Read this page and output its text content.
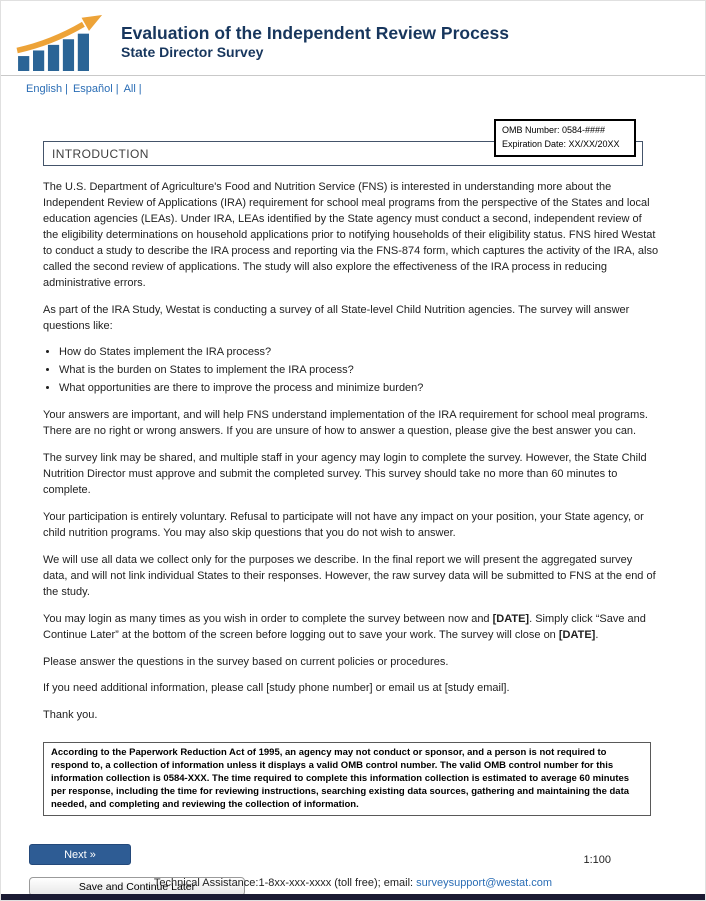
Evaluation of the Independent Review Process
State Director Survey
English | Español | All |
OMB Number: 0584-####
Expiration Date: XX/XX/20XX
INTRODUCTION

The U.S. Department of Agriculture's Food and Nutrition Service (FNS) is interested in understanding more about the Independent Review of Applications (IRA) requirement for school meal programs from the perspective of the States and local education agencies (LEAs). Under IRA, LEAs identified by the State agency must conduct a second, independent review of the eligibility determinations on household applications prior to notifying households of their eligibility status. FNS hired Westat to conduct a study to describe the IRA process and reporting via the FNS-874 form, which captures the activity of the IRA, also called the second review of applications. The study will also explore the effectiveness of the IRA process in reducing administrative errors.

As part of the IRA Study, Westat is conducting a survey of all State-level Child Nutrition agencies. The survey will answer questions like:

• How do States implement the IRA process?
• What is the burden on States to implement the IRA process?
• What opportunities are there to improve the process and minimize burden?

Your answers are important, and will help FNS understand implementation of the IRA requirement for school meal programs. There are no right or wrong answers. If you are unsure of how to answer a question, please give the best answer you can.

The survey link may be shared, and multiple staff in your agency may login to complete the survey. However, the State Child Nutrition Director must approve and submit the completed survey. This survey should take no more than 60 minutes to complete.

Your participation is entirely voluntary. Refusal to participate will not have any impact on your position, your State agency, or child nutrition programs. You may also skip questions that you do not wish to answer.

We will use all data we collect only for the purposes we describe. In the final report we will present the aggregated survey data, and will not link individual States to their responses. However, the raw survey data will be submitted to FNS at the end of the study.

You may login as many times as you wish in order to complete the survey between now and [DATE]. Simply click “Save and Continue Later” at the bottom of the screen before logging out to save your work. The survey will close on [DATE].

Please answer the questions in the survey based on current policies or procedures.

If you need additional information, please call [study phone number] or email us at [study email].

Thank you.

According to the Paperwork Reduction Act of 1995, an agency may not conduct or sponsor, and a person is not required to respond to, a collection of information unless it displays a valid OMB control number. The valid OMB control number for this information collection is 0584-XXX. The time required to complete this information collection is estimated to average 60 minutes per response, including the time for reviewing instructions, searching existing data sources, gathering and maintaining the data needed, and completing and reviewing the collection of information.
Next »
Save and Continue Later
1:100
Technical Assistance:1-8xx-xxx-xxxx (toll free); email: surveysupport@westat.com
